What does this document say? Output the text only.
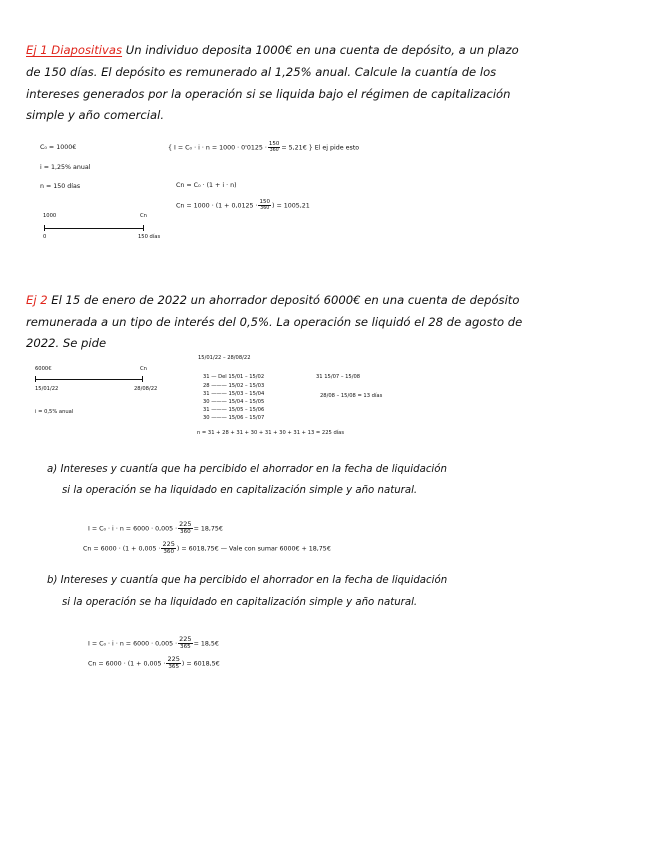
Ej 1 Diapositivas Un individuo deposita 1000€ en una cuenta de depósito, a un plazo
de 150 días. El depósito es remunerado al 1,25% anual. Calcule la cuantía de los
intereses generados por la operación si se liquida bajo el régimen de capitalización
simple y año comercial.
C₀ = 1000€
i = 1,25% anual
n = 150 días
{ $I = C_0 \cdot i \cdot n = 1000 \cdot 0'0125 \cdot \frac{150}{360}$ = 5,21€ } El ej pide esto
Cn = C₀ · (1 + i · n)
$Cn = 1000 \cdot (1 + 0,0125 \cdot \frac{150}{360}$ ) = 1005,21
1000	Cn
0	150 días
Ej 2 El 15 de enero de 2022 un ahorrador depositó 6000€ en una cuenta de depósito
remunerada a un tipo de interés del 0,5%. La operación se liquidó el 28 de agosto de
2022. Se pide
6000€	Cn
15/01/22	28/08/22
i = 0,5% anual
15/01/22 – 28/08/22
31 — Del 15/01 – 15/02
28 ——— 15/02 – 15/03
31 ——— 15/03 – 15/04
30 ——— 15/04 – 15/05
31 ——— 15/05 – 15/06
30 ——— 15/06 – 15/07
31 15/07 – 15/08
28/08 – 15/08 = 13 días
n = 31 + 28 + 31 + 30 + 31 + 30 + 31 + 13 = 225 días
a) Intereses y cuantía que ha percibido el ahorrador en la fecha de liquidación
si la operación se ha liquidado en capitalización simple y año natural.
$I = C_0 \cdot i \cdot n = 6000 \cdot 0,005 \cdot \frac{225}{360}$ = 18,75€
$Cn = 6000 \cdot (1 + 0,005 \cdot \frac{225}{360}$ ) = 6018,75€ — Vale con sumar 6000€ + 18,75€
b) Intereses y cuantía que ha percibido el ahorrador en la fecha de liquidación
si la operación se ha liquidado en capitalización simple y año natural.
$I = C_0 \cdot i \cdot n = 6000 \cdot 0,005 \cdot \frac{225}{365}$ = 18,5€
$Cn = 6000 \cdot (1 + 0,005 \cdot \frac{225}{365}$ ) = 6018,5€
